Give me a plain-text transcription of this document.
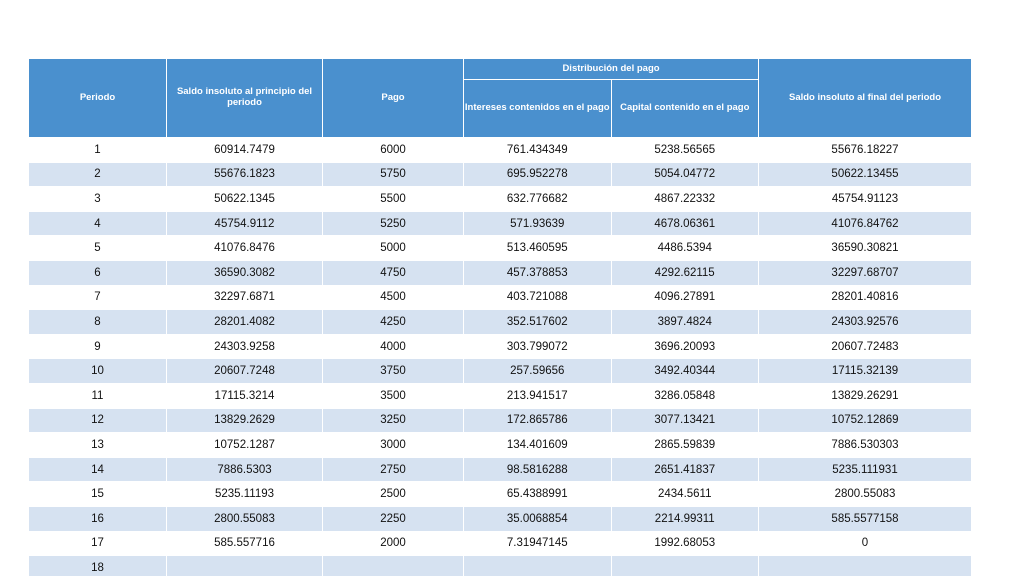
Periodo	Saldo insoluto al principio del periodo	Pago	Distribución del pago		Saldo insoluto al final del periodo
			Intereses contenidos en el pago	Capital contenido en el pago	
1	60914.7479	6000	761.434349	5238.56565	55676.18227
2	55676.1823	5750	695.952278	5054.04772	50622.13455
3	50622.1345	5500	632.776682	4867.22332	45754.91123
4	45754.9112	5250	571.93639	4678.06361	41076.84762
5	41076.8476	5000	513.460595	4486.5394	36590.30821
6	36590.3082	4750	457.378853	4292.62115	32297.68707
7	32297.6871	4500	403.721088	4096.27891	28201.40816
8	28201.4082	4250	352.517602	3897.4824	24303.92576
9	24303.9258	4000	303.799072	3696.20093	20607.72483
10	20607.7248	3750	257.59656	3492.40344	17115.32139
11	17115.3214	3500	213.941517	3286.05848	13829.26291
12	13829.2629	3250	172.865786	3077.13421	10752.12869
13	10752.1287	3000	134.401609	2865.59839	7886.530303
14	7886.5303	2750	98.5816288	2651.41837	5235.111931
15	5235.11193	2500	65.4388991	2434.5611	2800.55083
16	2800.55083	2250	35.0068854	2214.99311	585.5577158
17	585.557716	2000	7.31947145	1992.68053	0
18					
